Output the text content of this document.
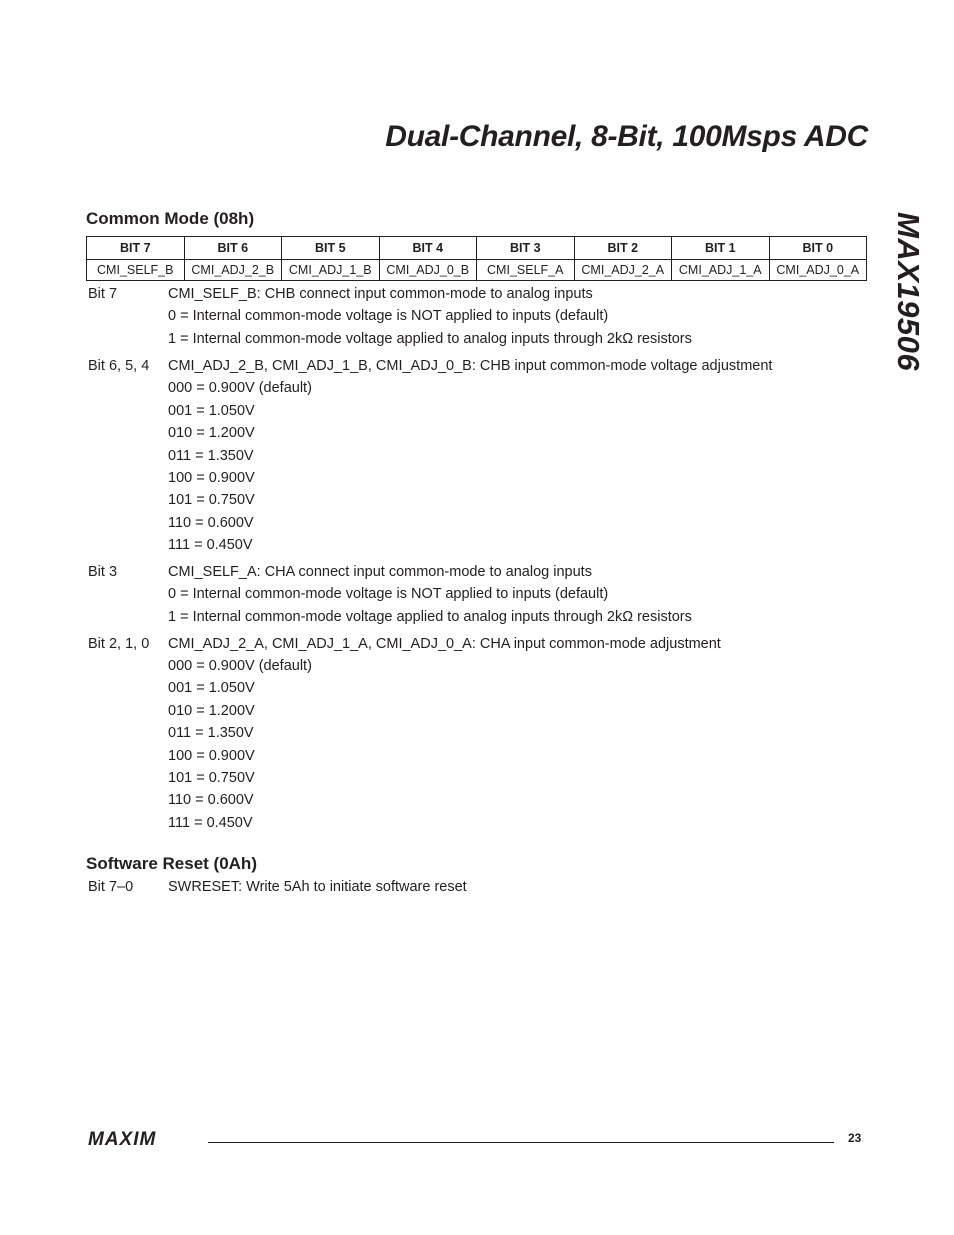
Dual-Channel, 8-Bit, 100Msps ADC
MAX19506
Common Mode (08h)
BIT 7	BIT 6	BIT 5	BIT 4	BIT 3	BIT 2	BIT 1	BIT 0
CMI_SELF_B	CMI_ADJ_2_B	CMI_ADJ_1_B	CMI_ADJ_0_B	CMI_SELF_A	CMI_ADJ_2_A	CMI_ADJ_1_A	CMI_ADJ_0_A
Bit 7	CMI_SELF_B: CHB connect input common-mode to analog inputs
0 = Internal common-mode voltage is NOT applied to inputs (default)
1 = Internal common-mode voltage applied to analog inputs through 2kΩ resistors
Bit 6, 5, 4	CMI_ADJ_2_B, CMI_ADJ_1_B, CMI_ADJ_0_B: CHB input common-mode voltage adjustment
000 = 0.900V (default)
001 = 1.050V
010 = 1.200V
011 = 1.350V
100 = 0.900V
101 = 0.750V
110 = 0.600V
111 = 0.450V
Bit 3	CMI_SELF_A: CHA connect input common-mode to analog inputs
0 = Internal common-mode voltage is NOT applied to inputs (default)
1 = Internal common-mode voltage applied to analog inputs through 2kΩ resistors
Bit 2, 1, 0	CMI_ADJ_2_A, CMI_ADJ_1_A, CMI_ADJ_0_A: CHA input common-mode adjustment
000 = 0.900V (default)
001 = 1.050V
010 = 1.200V
011 = 1.350V
100 = 0.900V
101 = 0.750V
110 = 0.600V
111 = 0.450V
Software Reset (0Ah)
Bit 7–0	SWRESET: Write 5Ah to initiate software reset
MAXIM	23
